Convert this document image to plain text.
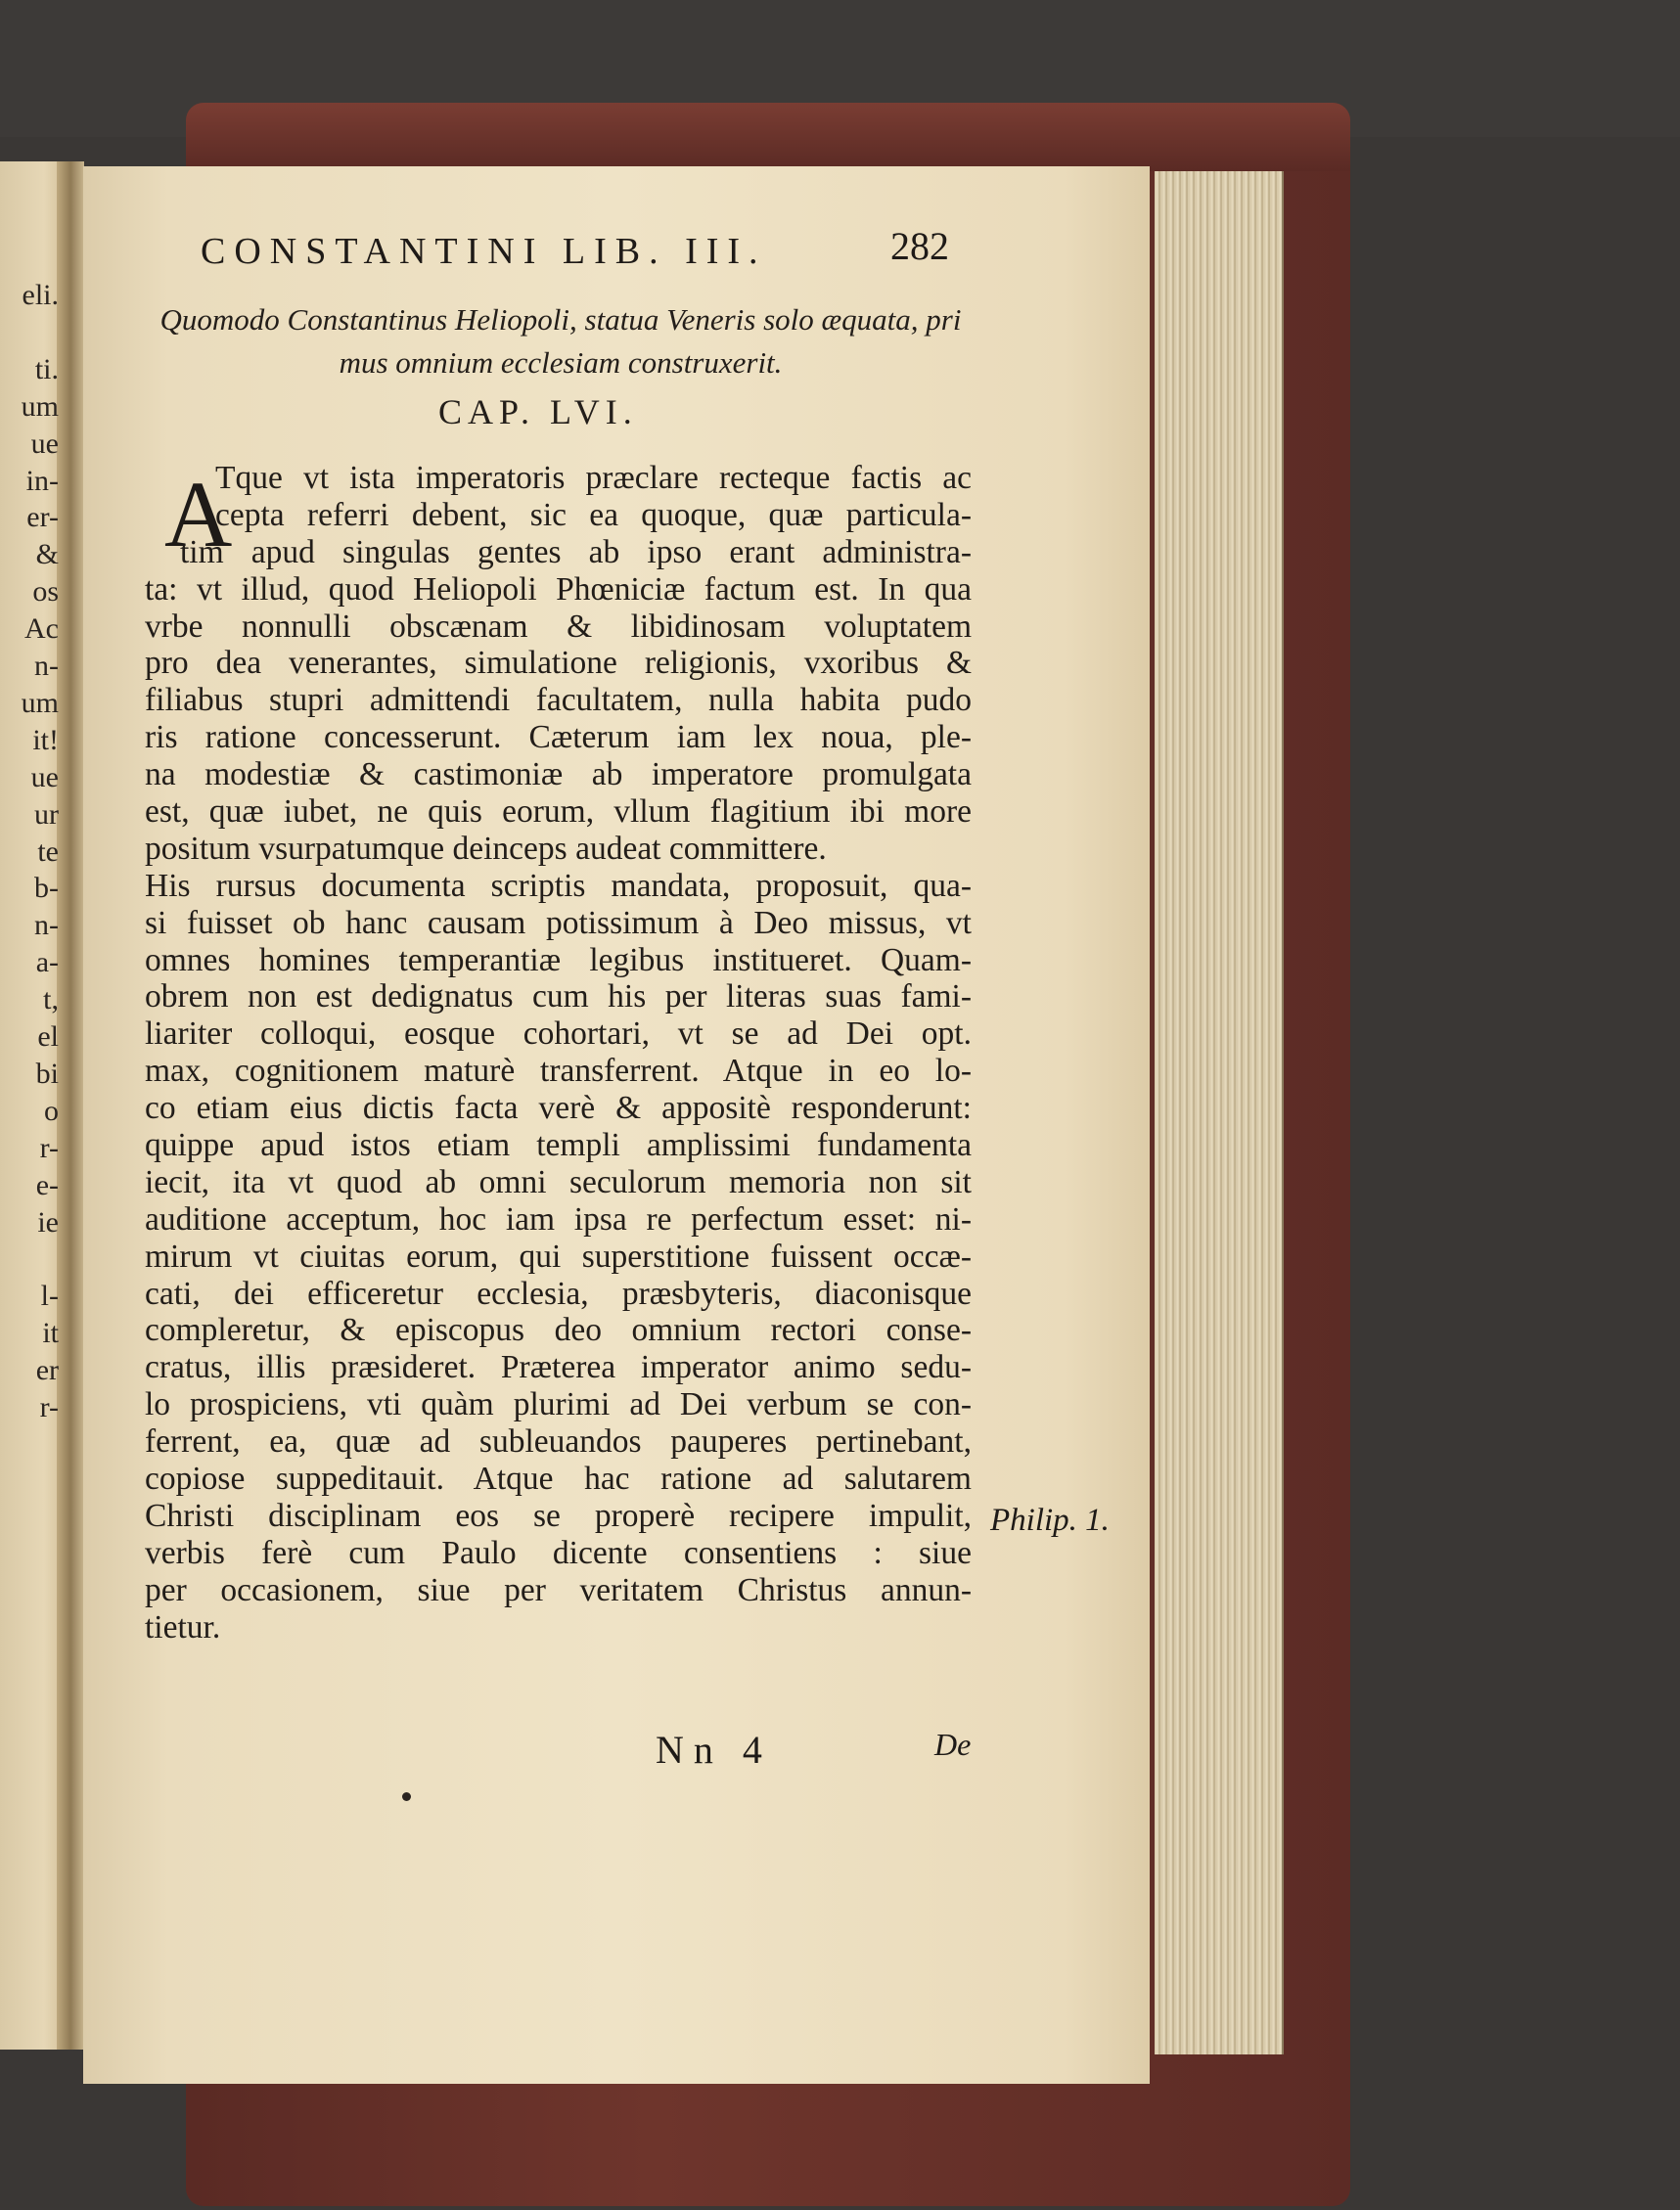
eli.
ti.
um
ue
in-
er-
&
os
Ac
n-
um
it!
ue
ur
te
b-
n-
a-
t,
el
bi
o
r-
e-
ie
l-
it
er
r-
CONSTANTINI LIB. III.	282
Quomodo Constantinus Heliopoli, statua Veneris solo æquata, pri
mus omnium ecclesiam construxerit.
CAP. LVI.
A
Tque vt ista imperatoris præclare recteque factis ac
cepta referri debent, sic ea quoque, quæ particula-
tim apud singulas gentes ab ipso erant administra-
ta: vt illud, quod Heliopoli Phœniciæ factum est. In qua
vrbe nonnulli obscænam & libidinosam voluptatem
pro dea venerantes, simulatione religionis, vxoribus &
filiabus stupri admittendi facultatem, nulla habita pudo
ris ratione concesserunt. Cæterum iam lex noua, ple-
na modestiæ & castimoniæ ab imperatore promulgata
est, quæ iubet, ne quis eorum, vllum flagitium ibi more
positum vsurpatumque deinceps audeat committere.
His rursus documenta scriptis mandata, proposuit, qua-
si fuisset ob hanc causam potissimum à Deo missus, vt
omnes homines temperantiæ legibus institueret. Quam-
obrem non est dedignatus cum his per literas suas fami-
liariter colloqui, eosque cohortari, vt se ad Dei opt.
max, cognitionem maturè transferrent. Atque in eo lo-
co etiam eius dictis facta verè & appositè responderunt:
quippe apud istos etiam templi amplissimi fundamenta
iecit, ita vt quod ab omni seculorum memoria non sit
auditione acceptum, hoc iam ipsa re perfectum esset: ni-
mirum vt ciuitas eorum, qui superstitione fuissent occæ-
cati, dei efficeretur ecclesia, præsbyteris, diaconisque
compleretur, & episcopus deo omnium rectori conse-
cratus, illis præsideret. Præterea imperator animo sedu-
lo prospiciens, vti quàm plurimi ad Dei verbum se con-
ferrent, ea, quæ ad subleuandos pauperes pertinebant,
copiose suppeditauit. Atque hac ratione ad salutarem
Christi disciplinam eos se properè recipere impulit,
verbis ferè cum Paulo dicente consentiens : siue
per occasionem, siue per veritatem Christus annun-
tietur.
Philip. 1.
Nn 4	De
